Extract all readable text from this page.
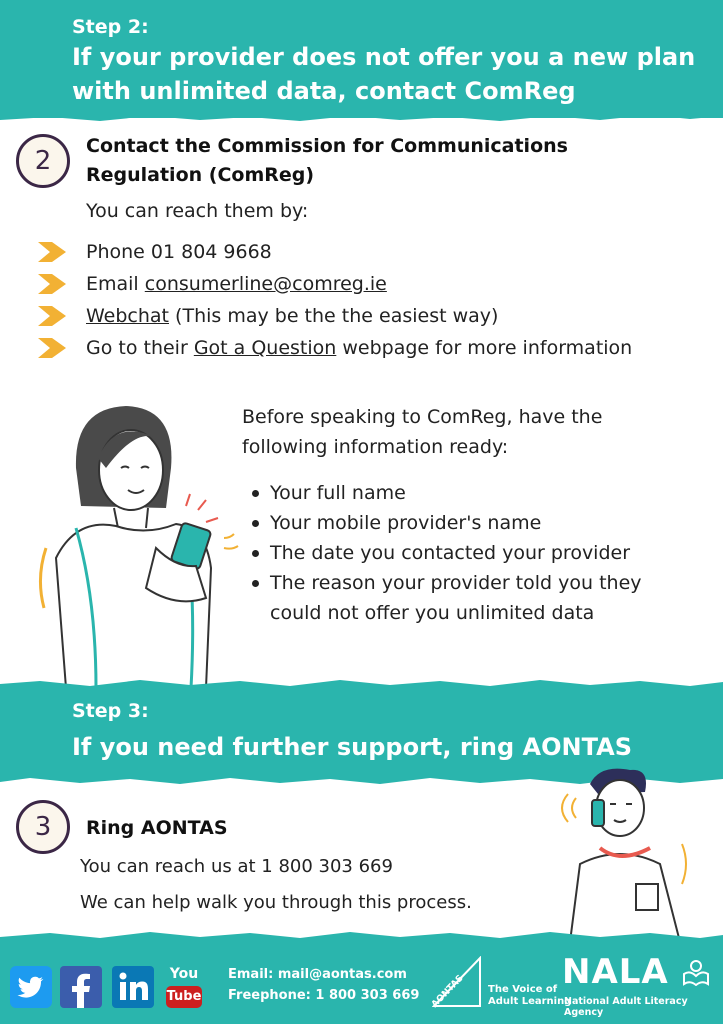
Step 2:
If your provider does not offer you a new plan
with unlimited data, contact ComReg
2 Contact the Commission for Communications
Regulation (ComReg)
You can reach them by:
Phone 01 804 9668
Email consumerline@comreg.ie
Webchat (This may be the the easiest way)
Go to their Got a Question webpage for more information
Before speaking to ComReg, have the
following information ready:
Your full name
Your mobile provider's name
The date you contacted your provider
The reason your provider told you they could not offer you unlimited data
Step 3:
If you need further support, ring AONTAS
3 Ring AONTAS
You can reach us at 1 800 303 669
We can help walk you through this process.
You
Tube
Email: mail@aontas.com
Freephone: 1 800 303 669 AONTAS The Voice of
Adult Learning
NALA
National Adult Literacy Agency
